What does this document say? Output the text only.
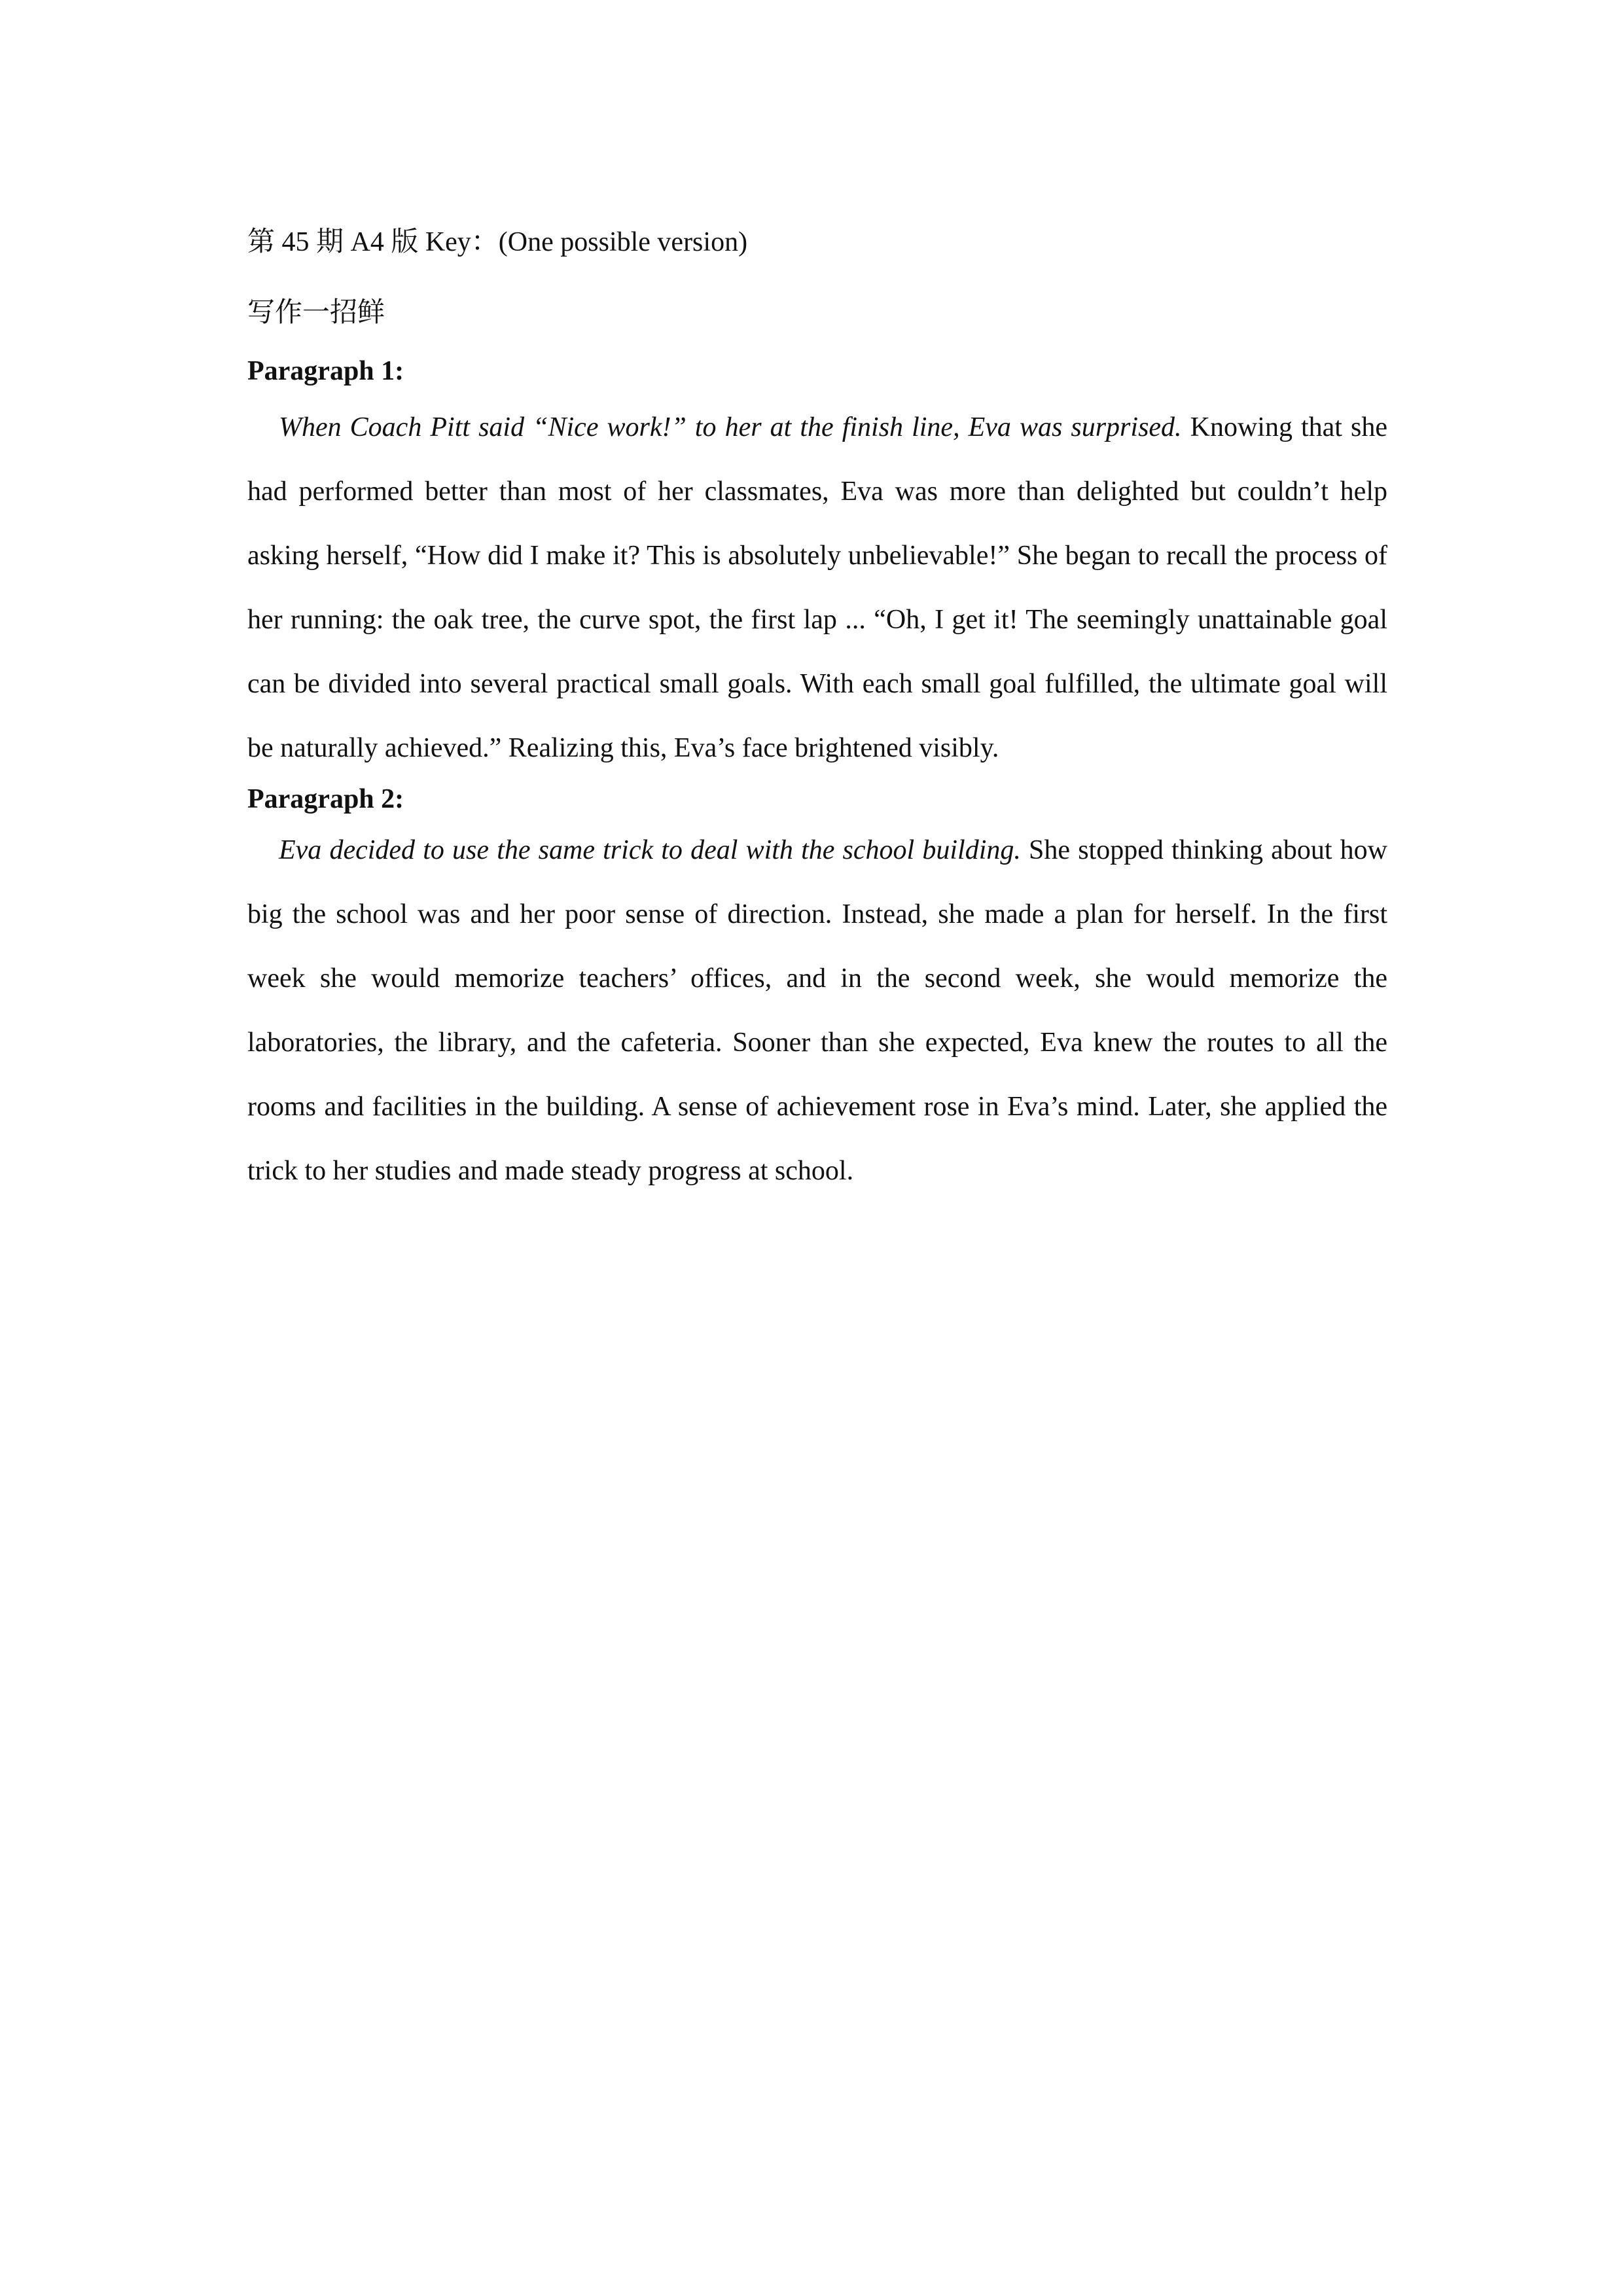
第 45 期 A4 版 Key：(One possible version)
写作一招鲜
Paragraph 1:

When Coach Pitt said “Nice work!” to her at the finish line, Eva was surprised. Knowing that she had performed better than most of her classmates, Eva was more than delighted but couldn’t help asking herself, “How did I make it? This is absolutely unbelievable!” She began to recall the process of her running: the oak tree, the curve spot, the first lap ... “Oh, I get it! The seemingly unattainable goal can be divided into several practical small goals. With each small goal fulfilled, the ultimate goal will be naturally achieved.” Realizing this, Eva’s face brightened visibly.

Paragraph 2:

Eva decided to use the same trick to deal with the school building. She stopped thinking about how big the school was and her poor sense of direction. Instead, she made a plan for herself. In the first week she would memorize teachers’ offices, and in the second week, she would memorize the laboratories, the library, and the cafeteria. Sooner than she expected, Eva knew the routes to all the rooms and facilities in the building. A sense of achievement rose in Eva’s mind. Later, she applied the trick to her studies and made steady progress at school.
